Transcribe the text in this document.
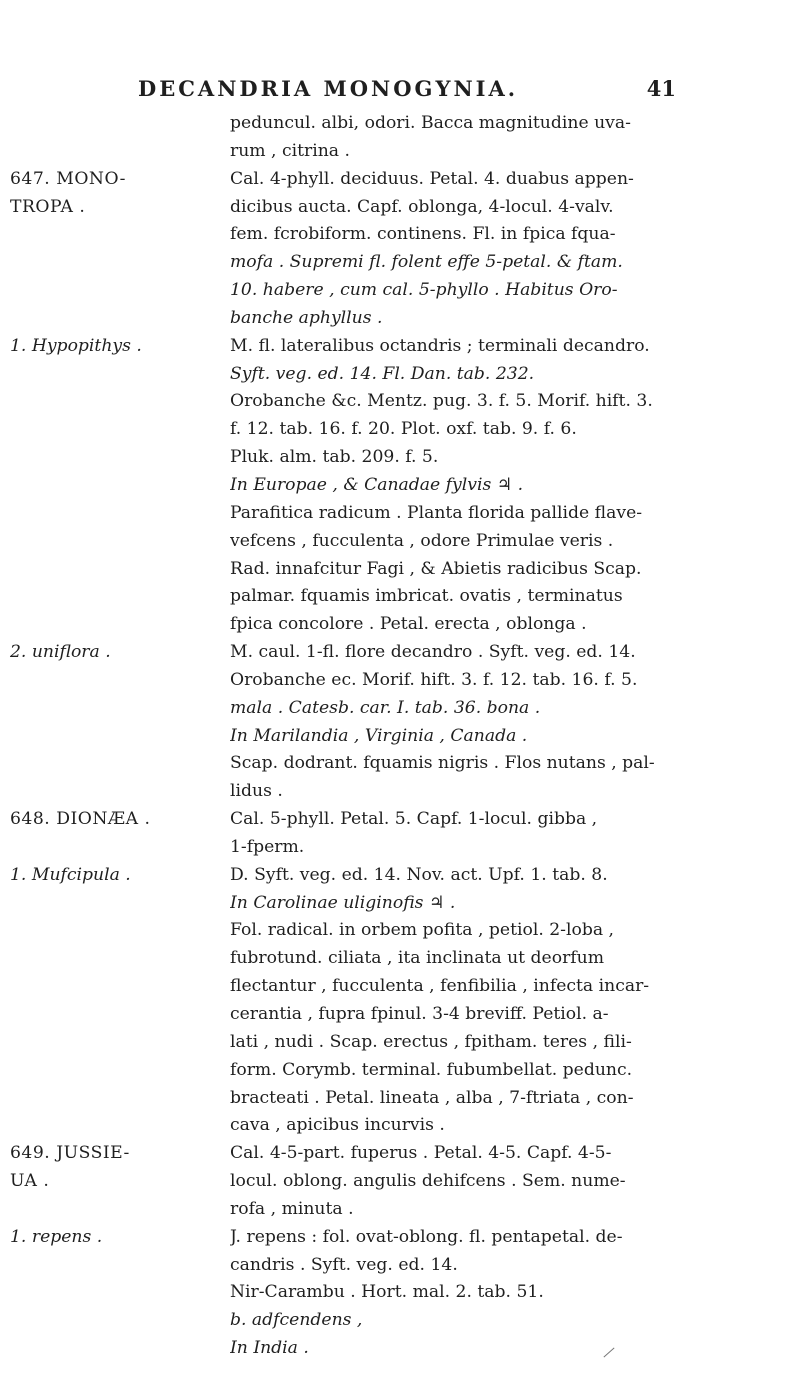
DECANDRIA MONOGYNIA.	41
peduncul. albi, odori. Bacca magnitudine uva-
rum , citrina .
647. MONO-	Cal. 4-phyll. deciduus. Petal. 4. duabus appen-
TROPA .	dicibus aucta. Capf. oblonga, 4-locul. 4-valv.
fem. fcrobiform. continens. Fl. in fpica fqua-
mofa . Supremi fl. folent effe 5-petal. & ftam.
10. habere , cum cal. 5-phyllo . Habitus Oro-
banche aphyllus .
1. Hypopithys .	M. fl. lateralibus octandris ; terminali decandro.
Syft. veg. ed. 14. Fl. Dan. tab. 232.
Orobanche &c. Mentz. pug. 3. f. 5. Morif. hift. 3.
f. 12. tab. 16. f. 20. Plot. oxf. tab. 9. f. 6.
Pluk. alm. tab. 209. f. 5.
In Europae , & Canadae fylvis ♃ .
Parafitica radicum . Planta florida pallide flave-
vefcens , fucculenta , odore Primulae veris .
Rad. innafcitur Fagi , & Abietis radicibus Scap.
palmar. fquamis imbricat. ovatis , terminatus
fpica concolore . Petal. erecta , oblonga .
2. uniflora .	M. caul. 1-fl. flore decandro . Syft. veg. ed. 14.
Orobanche ec. Morif. hift. 3. f. 12. tab. 16. f. 5.
mala . Catesb. car. I. tab. 36. bona .
In Marilandia , Virginia , Canada .
Scap. dodrant. fquamis nigris . Flos nutans , pal-
lidus .
648. DIONÆA .	Cal. 5-phyll. Petal. 5. Capf. 1-locul. gibba ,
1-fperm.
1. Mufcipula .	D. Syft. veg. ed. 14. Nov. act. Upf. 1. tab. 8.
In Carolinae uliginofis ♃ .
Fol. radical. in orbem pofita , petiol. 2-loba ,
fubrotund. ciliata , ita inclinata ut deorfum
flectantur , fucculenta , fenfibilia , infecta incar-
cerantia , fupra fpinul. 3-4 breviff. Petiol. a-
lati , nudi . Scap. erectus , fpitham. teres , fili-
form. Corymb. terminal. fubumbellat. pedunc.
bracteati . Petal. lineata , alba , 7-ftriata , con-
cava , apicibus incurvis .
649. JUSSIE-	Cal. 4-5-part. fuperus . Petal. 4-5. Capf. 4-5-
UA .	locul. oblong. angulis dehifcens . Sem. nume-
rofa , minuta .
1. repens .	J. repens : fol. ovat-oblong. fl. pentapetal. de-
candris . Syft. veg. ed. 14.
Nir-Carambu . Hort. mal. 2. tab. 51.
b. adfcendens ,
In India .
